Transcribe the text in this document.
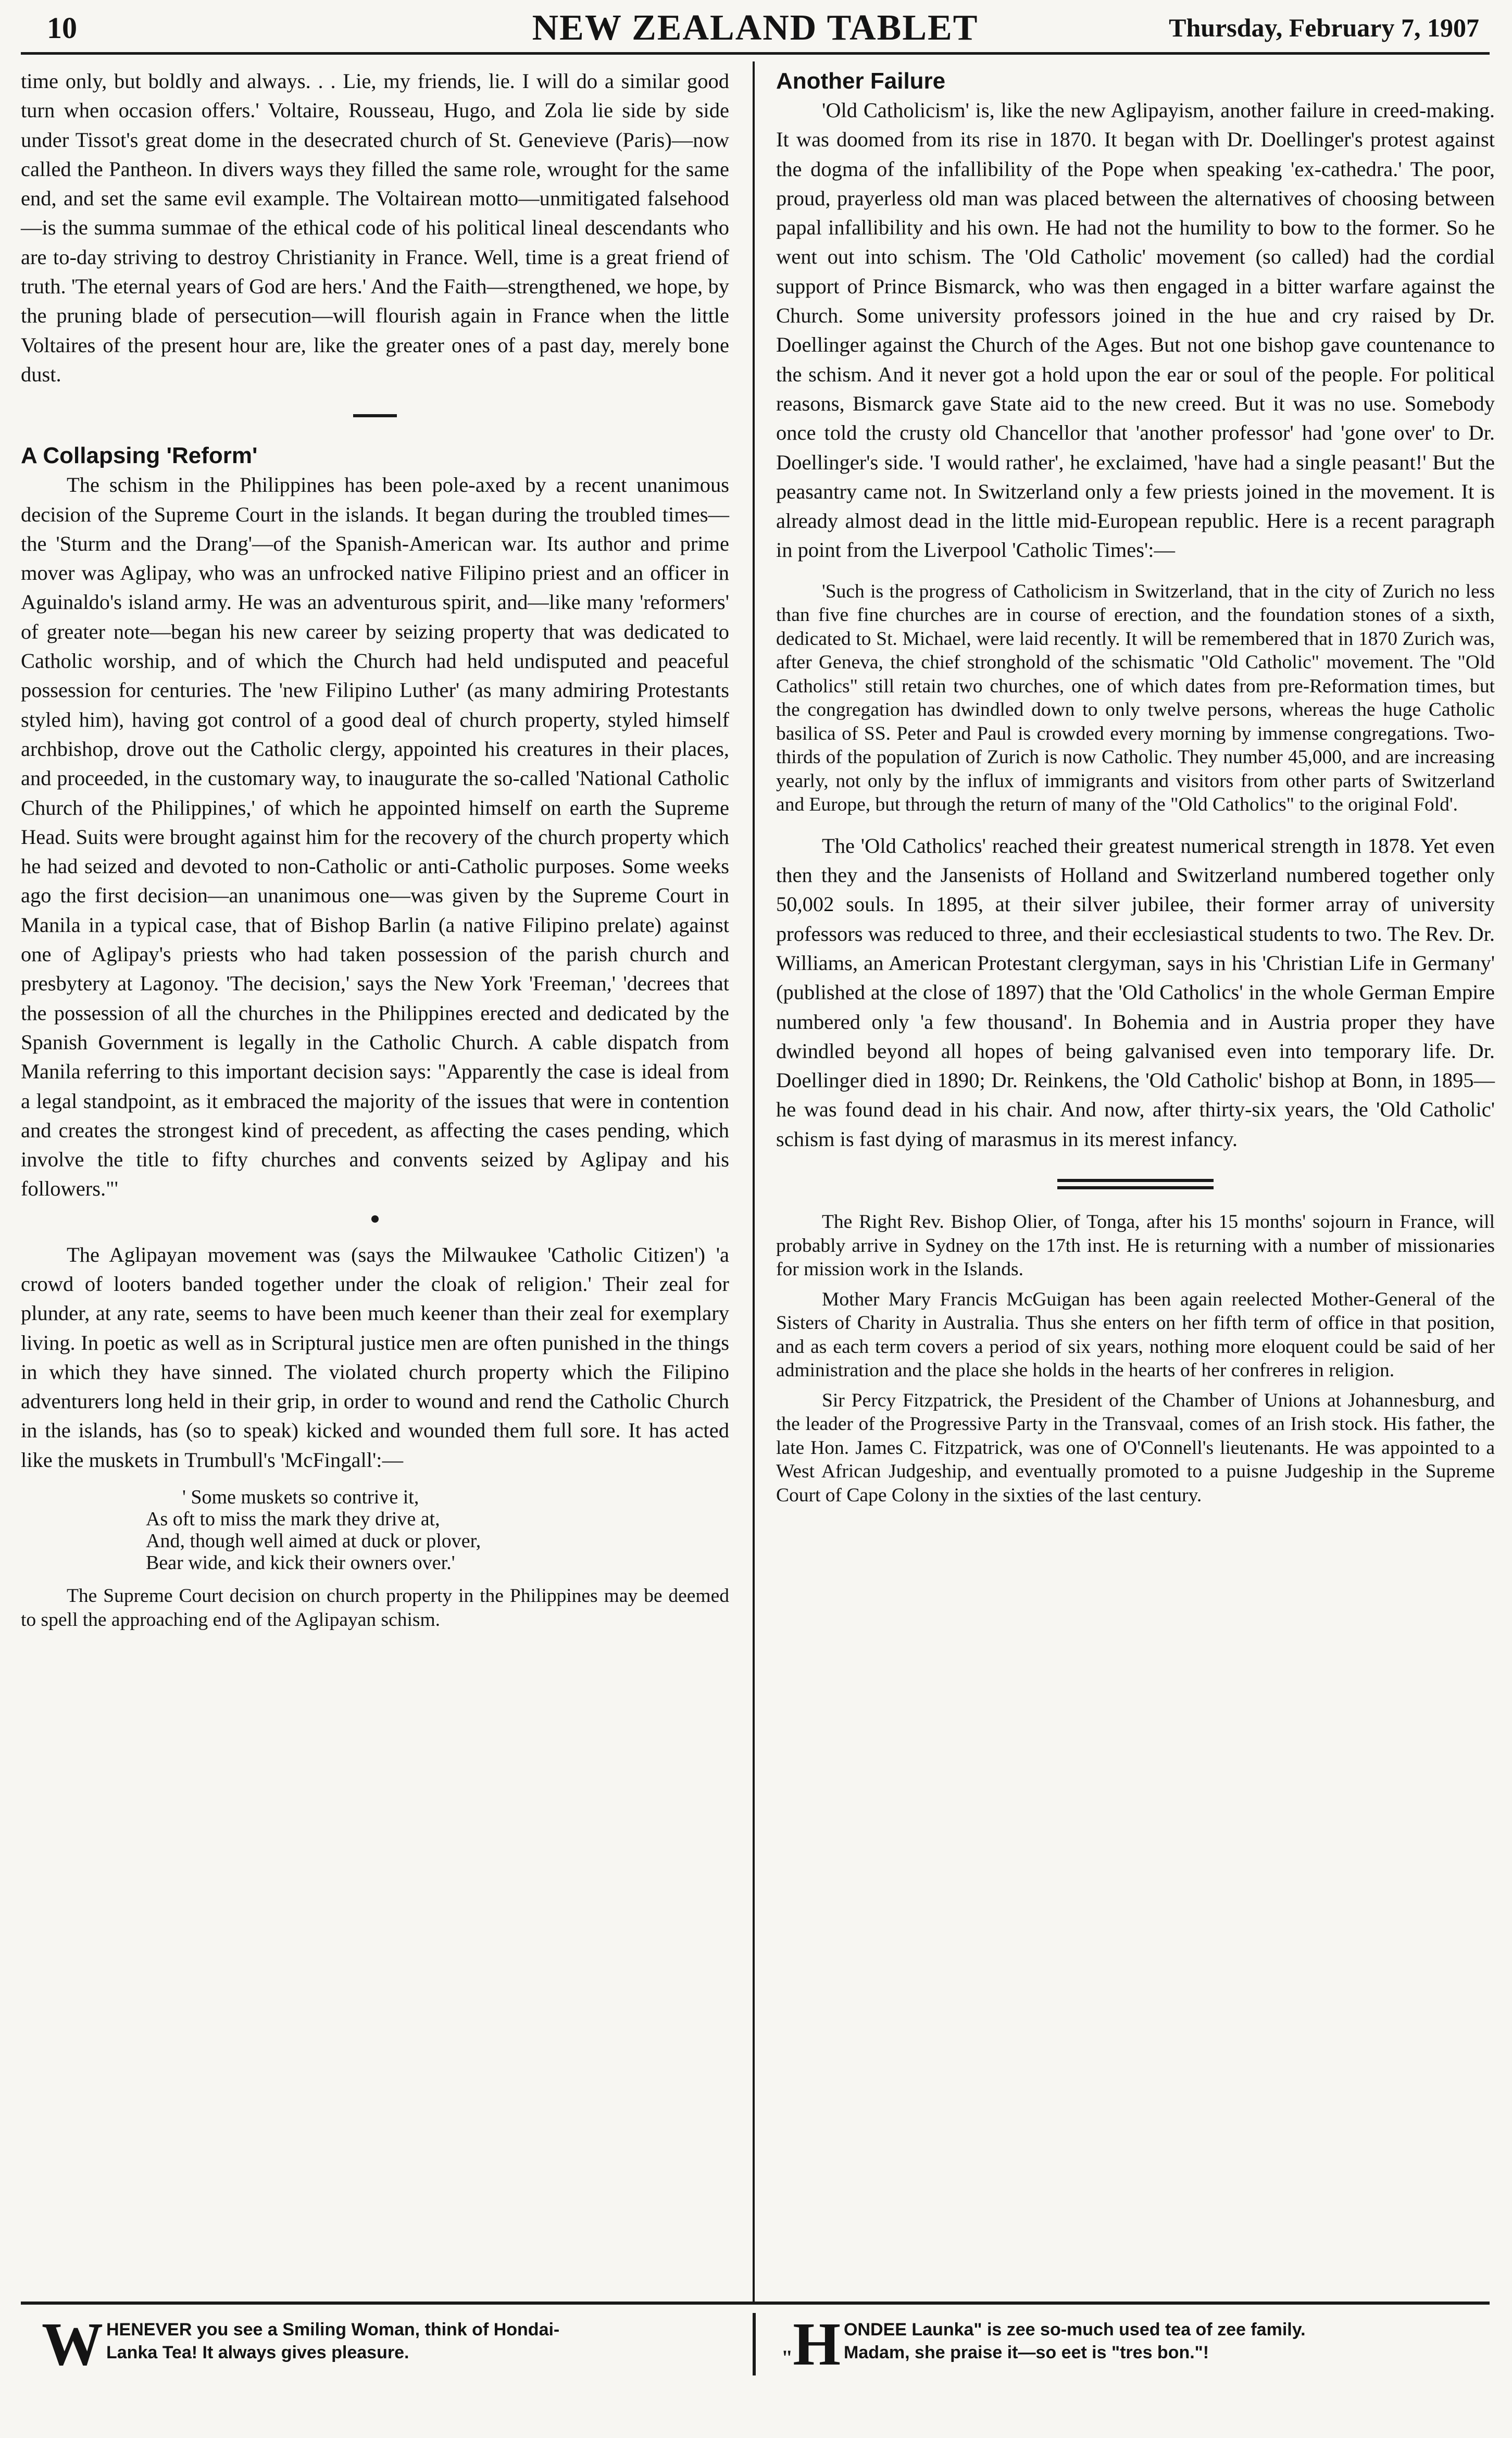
10	NEW ZEALAND TABLET	Thursday, February 7, 1907

time only, but boldly and always. . . Lie, my friends, lie. I will do a similar good turn when occasion offers.' Voltaire, Rousseau, Hugo, and Zola lie side by side under Tissot's great dome in the desecrated church of St. Genevieve (Paris)—now called the Pantheon. In divers ways they filled the same role, wrought for the same end, and set the same evil example. The Voltairean motto—unmitigated falsehood—is the summa summae of the ethical code of his political lineal descendants who are to-day striving to destroy Christianity in France. Well, time is a great friend of truth. 'The eternal years of God are hers.' And the Faith—strengthened, we hope, by the pruning blade of persecution—will flourish again in France when the little Voltaires of the present hour are, like the greater ones of a past day, merely bone dust.

A Collapsing 'Reform'

The schism in the Philippines has been pole-axed by a recent unanimous decision of the Supreme Court in the islands. It began during the troubled times—the 'Sturm and the Drang'—of the Spanish-American war. Its author and prime mover was Aglipay, who was an unfrocked native Filipino priest and an officer in Aguinaldo's island army. He was an adventurous spirit, and—like many 'reformers' of greater note—began his new career by seizing property that was dedicated to Catholic worship, and of which the Church had held undisputed and peaceful possession for centuries. The 'new Filipino Luther' (as many admiring Protestants styled him), having got control of a good deal of church property, styled himself archbishop, drove out the Catholic clergy, appointed his creatures in their places, and proceeded, in the customary way, to inaugurate the so-called 'National Catholic Church of the Philippines,' of which he appointed himself on earth the Supreme Head. Suits were brought against him for the recovery of the church property which he had seized and devoted to non-Catholic or anti-Catholic purposes. Some weeks ago the first decision—an unanimous one—was given by the Supreme Court in Manila in a typical case, that of Bishop Barlin (a native Filipino prelate) against one of Aglipay's priests who had taken possession of the parish church and presbytery at Lagonoy. 'The decision,' says the New York 'Freeman,' 'decrees that the possession of all the churches in the Philippines erected and dedicated by the Spanish Government is legally in the Catholic Church. A cable dispatch from Manila referring to this important decision says: "Apparently the case is ideal from a legal standpoint, as it embraced the majority of the issues that were in contention and creates the strongest kind of precedent, as affecting the cases pending, which involve the title to fifty churches and convents seized by Aglipay and his followers."'

The Aglipayan movement was (says the Milwaukee 'Catholic Citizen') 'a crowd of looters banded together under the cloak of religion.' Their zeal for plunder, at any rate, seems to have been much keener than their zeal for exemplary living. In poetic as well as in Scriptural justice men are often punished in the things in which they have sinned. The violated church property which the Filipino adventurers long held in their grip, in order to wound and rend the Catholic Church in the islands, has (so to speak) kicked and wounded them full sore. It has acted like the muskets in Trumbull's 'McFingall':—

' Some muskets so contrive it,
As oft to miss the mark they drive at,
And, though well aimed at duck or plover,
Bear wide, and kick their owners over.'

The Supreme Court decision on church property in the Philippines may be deemed to spell the approaching end of the Aglipayan schism.

Another Failure

'Old Catholicism' is, like the new Aglipayism, another failure in creed-making. It was doomed from its rise in 1870. It began with Dr. Doellinger's protest against the dogma of the infallibility of the Pope when speaking 'ex-cathedra.' The poor, proud, prayerless old man was placed between the alternatives of choosing between papal infallibility and his own. He had not the humility to bow to the former. So he went out into schism. The 'Old Catholic' movement (so called) had the cordial support of Prince Bismarck, who was then engaged in a bitter warfare against the Church. Some university professors joined in the hue and cry raised by Dr. Doellinger against the Church of the Ages. But not one bishop gave countenance to the schism. And it never got a hold upon the ear or soul of the people. For political reasons, Bismarck gave State aid to the new creed. But it was no use. Somebody once told the crusty old Chancellor that 'another professor' had 'gone over' to Dr. Doellinger's side. 'I would rather', he exclaimed, 'have had a single peasant!' But the peasantry came not. In Switzerland only a few priests joined in the movement. It is already almost dead in the little mid-European republic. Here is a recent paragraph in point from the Liverpool 'Catholic Times':—

'Such is the progress of Catholicism in Switzerland, that in the city of Zurich no less than five fine churches are in course of erection, and the foundation stones of a sixth, dedicated to St. Michael, were laid recently. It will be remembered that in 1870 Zurich was, after Geneva, the chief stronghold of the schismatic "Old Catholic" movement. The "Old Catholics" still retain two churches, one of which dates from pre-Reformation times, but the congregation has dwindled down to only twelve persons, whereas the huge Catholic basilica of SS. Peter and Paul is crowded every morning by immense congregations. Two-thirds of the population of Zurich is now Catholic. They number 45,000, and are increasing yearly, not only by the influx of immigrants and visitors from other parts of Switzerland and Europe, but through the return of many of the "Old Catholics" to the original Fold'.

The 'Old Catholics' reached their greatest numerical strength in 1878. Yet even then they and the Jansenists of Holland and Switzerland numbered together only 50,002 souls. In 1895, at their silver jubilee, their former array of university professors was reduced to three, and their ecclesiastical students to two. The Rev. Dr. Williams, an American Protestant clergyman, says in his 'Christian Life in Germany' (published at the close of 1897) that the 'Old Catholics' in the whole German Empire numbered only 'a few thousand'. In Bohemia and in Austria proper they have dwindled beyond all hopes of being galvanised even into temporary life. Dr. Doellinger died in 1890; Dr. Reinkens, the 'Old Catholic' bishop at Bonn, in 1895—he was found dead in his chair. And now, after thirty-six years, the 'Old Catholic' schism is fast dying of marasmus in its merest infancy.

The Right Rev. Bishop Olier, of Tonga, after his 15 months' sojourn in France, will probably arrive in Sydney on the 17th inst. He is returning with a number of missionaries for mission work in the Islands.

Mother Mary Francis McGuigan has been again reelected Mother-General of the Sisters of Charity in Australia. Thus she enters on her fifth term of office in that position, and as each term covers a period of six years, nothing more eloquent could be said of her administration and the place she holds in the hearts of her confreres in religion.

Sir Percy Fitzpatrick, the President of the Chamber of Unions at Johannesburg, and the leader of the Progressive Party in the Transvaal, comes of an Irish stock. His father, the late Hon. James C. Fitzpatrick, was one of O'Connell's lieutenants. He was appointed to a West African Judgeship, and eventually promoted to a puisne Judgeship in the Supreme Court of Cape Colony in the sixties of the last century.

W HENEVER you see a Smiling Woman, think of Hondai-
Lanka Tea! It always gives pleasure.	"H ONDEE Launka" is zee so-much used tea of zee family.
Madam, she praise it—so eet is "tres bon."!
